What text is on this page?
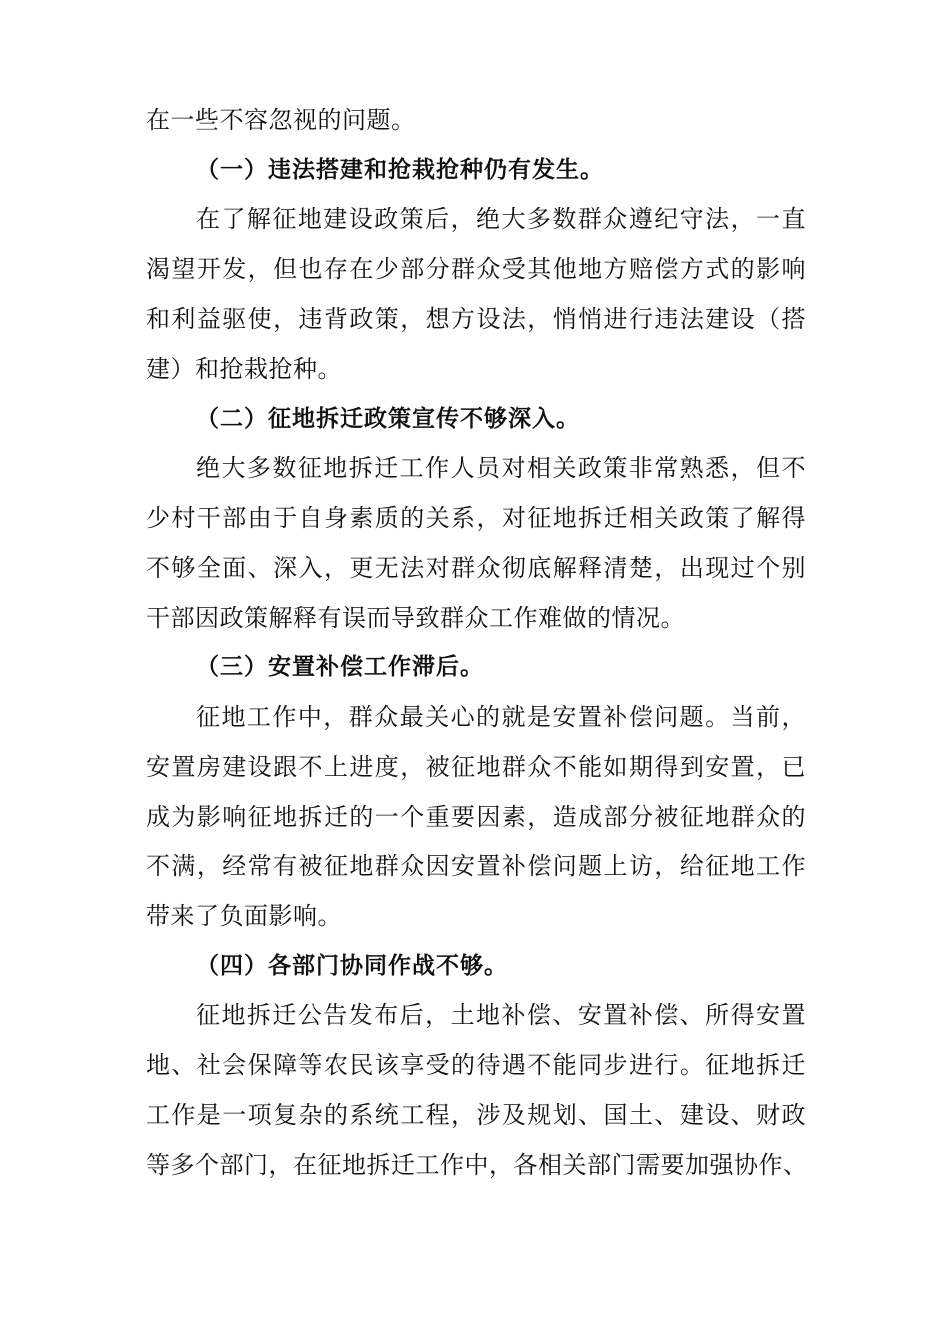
在一些不容忽视的问题。
（一）违法搭建和抢栽抢种仍有发生。
在了解征地建设政策后，绝大多数群众遵纪守法，一直
渴望开发，但也存在少部分群众受其他地方赔偿方式的影响
和利益驱使，违背政策，想方设法，悄悄进行违法建设（搭
建）和抢栽抢种。
（二）征地拆迁政策宣传不够深入。
绝大多数征地拆迁工作人员对相关政策非常熟悉，但不
少村干部由于自身素质的关系，对征地拆迁相关政策了解得
不够全面、深入，更无法对群众彻底解释清楚，出现过个别
干部因政策解释有误而导致群众工作难做的情况。
（三）安置补偿工作滞后。
征地工作中，群众最关心的就是安置补偿问题。当前，
安置房建设跟不上进度，被征地群众不能如期得到安置，已
成为影响征地拆迁的一个重要因素，造成部分被征地群众的
不满，经常有被征地群众因安置补偿问题上访，给征地工作
带来了负面影响。
（四）各部门协同作战不够。
征地拆迁公告发布后，土地补偿、安置补偿、所得安置
地、社会保障等农民该享受的待遇不能同步进行。征地拆迁
工作是一项复杂的系统工程，涉及规划、国土、建设、财政
等多个部门，在征地拆迁工作中，各相关部门需要加强协作、
